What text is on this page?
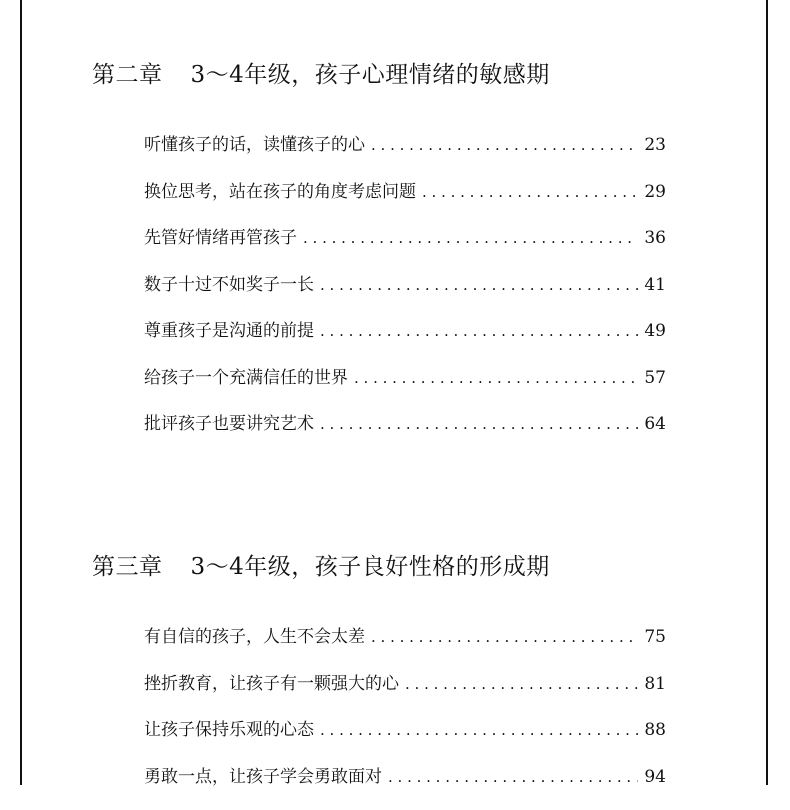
第二章 3～4年级，孩子心理情绪的敏感期
听懂孩子的话，读懂孩子的心 . . .	23
换位思考，站在孩子的角度考虑问题 . . .	29
先管好情绪再管孩子 . . .	36
数子十过不如奖子一长 . . .	41
尊重孩子是沟通的前提 . . .	49
给孩子一个充满信任的世界 . . .	57
批评孩子也要讲究艺术 . . .	64
第三章 3～4年级，孩子良好性格的形成期
有自信的孩子，人生不会太差 . . .	75
挫折教育，让孩子有一颗强大的心 . . .	81
让孩子保持乐观的心态 . . .	88
勇敢一点，让孩子学会勇敢面对 . . .	94
